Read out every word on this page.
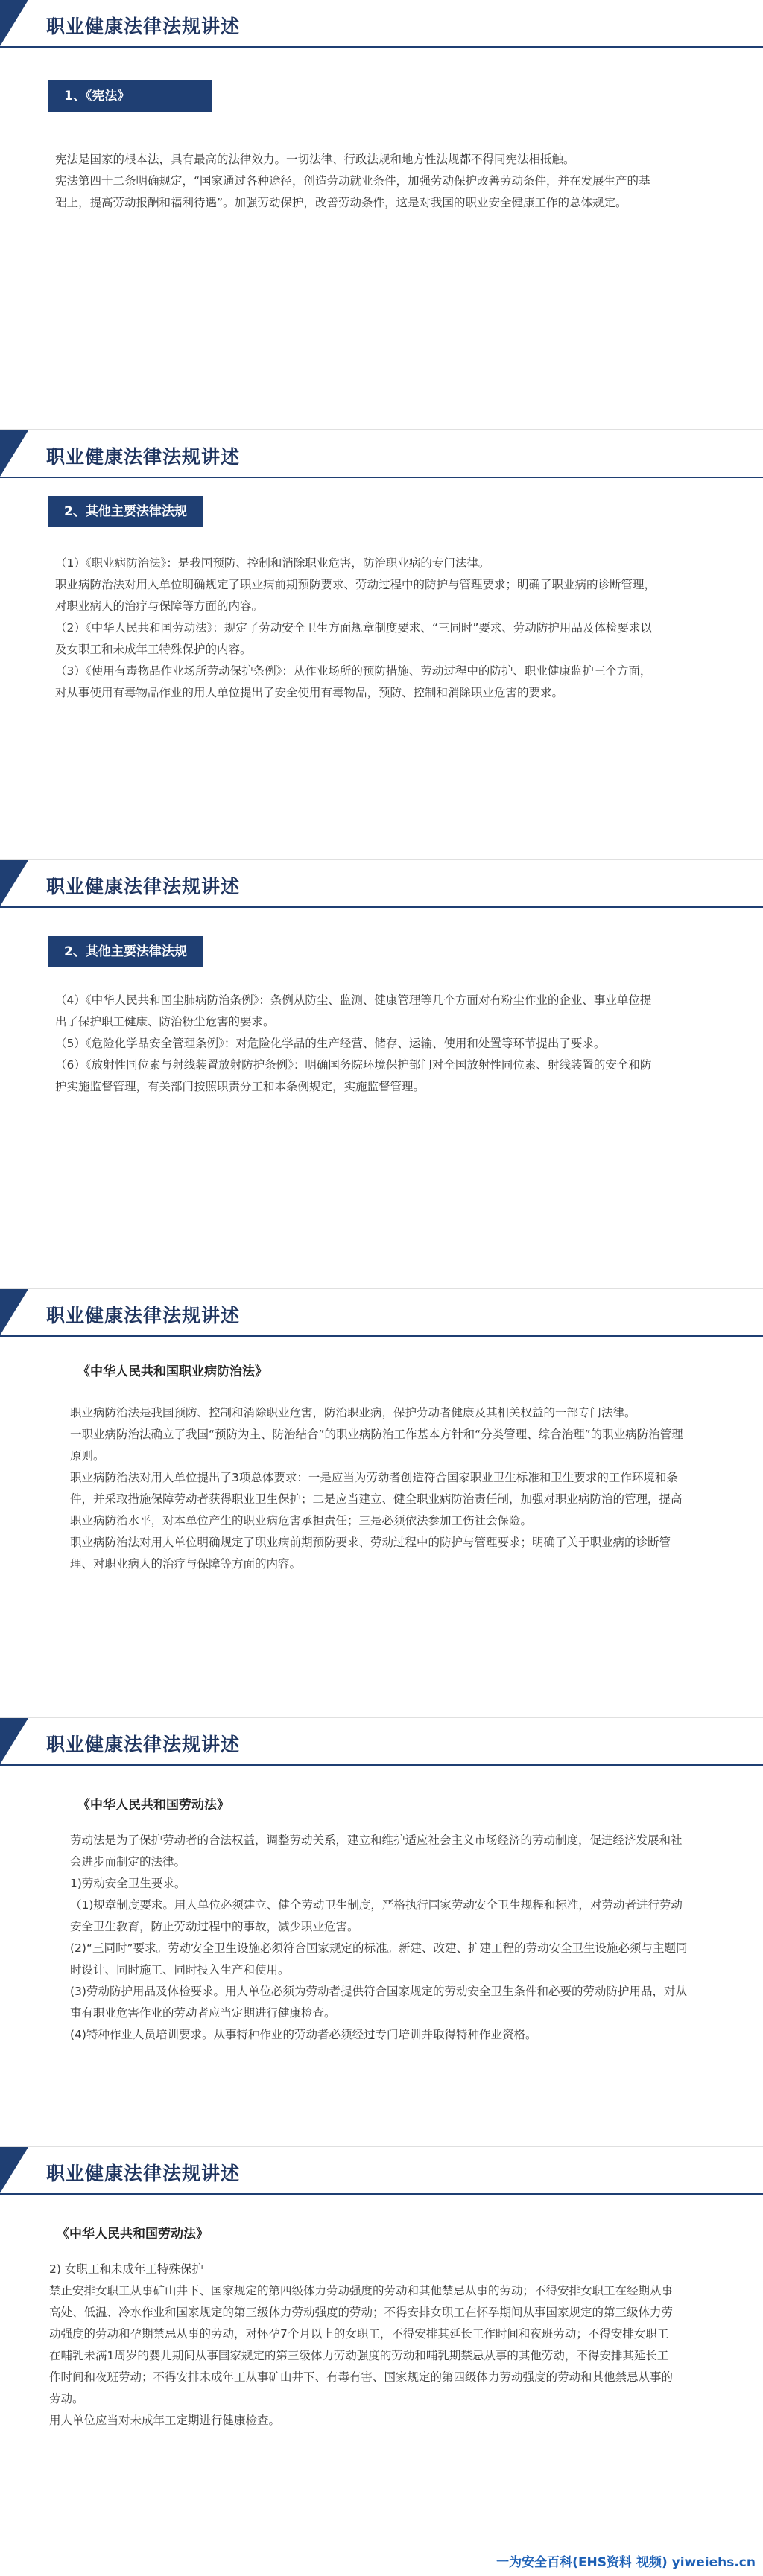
职业健康法律法规讲述
1、《宪法》

宪法是国家的根本法，具有最高的法律效力。一切法律、行政法规和地方性法规都不得同宪法相抵触。

宪法第四十二条明确规定，“国家通过各种途径，创造劳动就业条件，加强劳动保护改善劳动条件，并在发展生产的基础上，提高劳动报酬和福利待遇”。加强劳动保护，改善劳动条件，这是对我国的职业安全健康工作的总体规定。

职业健康法律法规讲述
2、其他主要法律法规

（1）《职业病防治法》：是我国预防、控制和消除职业危害，防治职业病的专门法律。

职业病防治法对用人单位明确规定了职业病前期预防要求、劳动过程中的防护与管理要求；明确了职业病的诊断管理，对职业病人的治疗与保障等方面的内容。

（2）《中华人民共和国劳动法》：规定了劳动安全卫生方面规章制度要求、“三同时”要求、劳动防护用品及体检要求以及女职工和未成年工特殊保护的内容。

（3）《使用有毒物品作业场所劳动保护条例》：从作业场所的预防措施、劳动过程中的防护、职业健康监护三个方面，对从事使用有毒物品作业的用人单位提出了安全使用有毒物品，预防、控制和消除职业危害的要求。

职业健康法律法规讲述
2、其他主要法律法规

（4）《中华人民共和国尘肺病防治条例》：条例从防尘、监测、健康管理等几个方面对有粉尘作业的企业、事业单位提出了保护职工健康、防治粉尘危害的要求。

（5）《危险化学品安全管理条例》：对危险化学品的生产经营、储存、运输、使用和处置等环节提出了要求。

（6）《放射性同位素与射线装置放射防护条例》：明确国务院环境保护部门对全国放射性同位素、射线装置的安全和防护实施监督管理，有关部门按照职责分工和本条例规定，实施监督管理。

职业健康法律法规讲述
《中华人民共和国职业病防治法》

职业病防治法是我国预防、控制和消除职业危害，防治职业病，保护劳动者健康及其相关权益的一部专门法律。

一职业病防治法确立了我国“预防为主、防治结合”的职业病防治工作基本方针和“分类管理、综合治理”的职业病防治管理原则。

职业病防治法对用人单位提出了3项总体要求：一是应当为劳动者创造符合国家职业卫生标准和卫生要求的工作环境和条件，并采取措施保障劳动者获得职业卫生保护；二是应当建立、健全职业病防治责任制，加强对职业病防治的管理，提高职业病防治水平，对本单位产生的职业病危害承担责任；三是必须依法参加工伤社会保险。

职业病防治法对用人单位明确规定了职业病前期预防要求、劳动过程中的防护与管理要求；明确了关于职业病的诊断管理、对职业病人的治疗与保障等方面的内容。

职业健康法律法规讲述
《中华人民共和国劳动法》

劳动法是为了保护劳动者的合法权益，调整劳动关系，建立和维护适应社会主义市场经济的劳动制度，促进经济发展和社会进步而制定的法律。

1)劳动安全卫生要求。

（1)规章制度要求。用人单位必须建立、健全劳动卫生制度，严格执行国家劳动安全卫生规程和标准，对劳动者进行劳动安全卫生教育，防止劳动过程中的事故，减少职业危害。

(2)“三同时”要求。劳动安全卫生设施必须符合国家规定的标准。新建、改建、扩建工程的劳动安全卫生设施必须与主题同时设计、同时施工、同时投入生产和使用。

(3)劳动防护用品及体检要求。用人单位必须为劳动者提供符合国家规定的劳动安全卫生条件和必要的劳动防护用品，对从事有职业危害作业的劳动者应当定期进行健康检查。

(4)特种作业人员培训要求。从事特种作业的劳动者必须经过专门培训并取得特种作业资格。

职业健康法律法规讲述
《中华人民共和国劳动法》

2) 女职工和未成年工特殊保护

禁止安排女职工从事矿山井下、国家规定的第四级体力劳动强度的劳动和其他禁忌从事的劳动；不得安排女职工在经期从事高处、低温、冷水作业和国家规定的第三级体力劳动强度的劳动；不得安排女职工在怀孕期间从事国家规定的第三级体力劳动强度的劳动和孕期禁忌从事的劳动，对怀孕7个月以上的女职工，不得安排其延长工作时间和夜班劳动；不得安排女职工在哺乳未满1周岁的婴儿期间从事国家规定的第三级体力劳动强度的劳动和哺乳期禁忌从事的其他劳动，不得安排其延长工作时间和夜班劳动；不得安排未成年工从事矿山井下、有毒有害、国家规定的第四级体力劳动强度的劳动和其他禁忌从事的劳动。

用人单位应当对未成年工定期进行健康检查。

一为安全百科(EHS资料 视频) yiweiehs.cn
